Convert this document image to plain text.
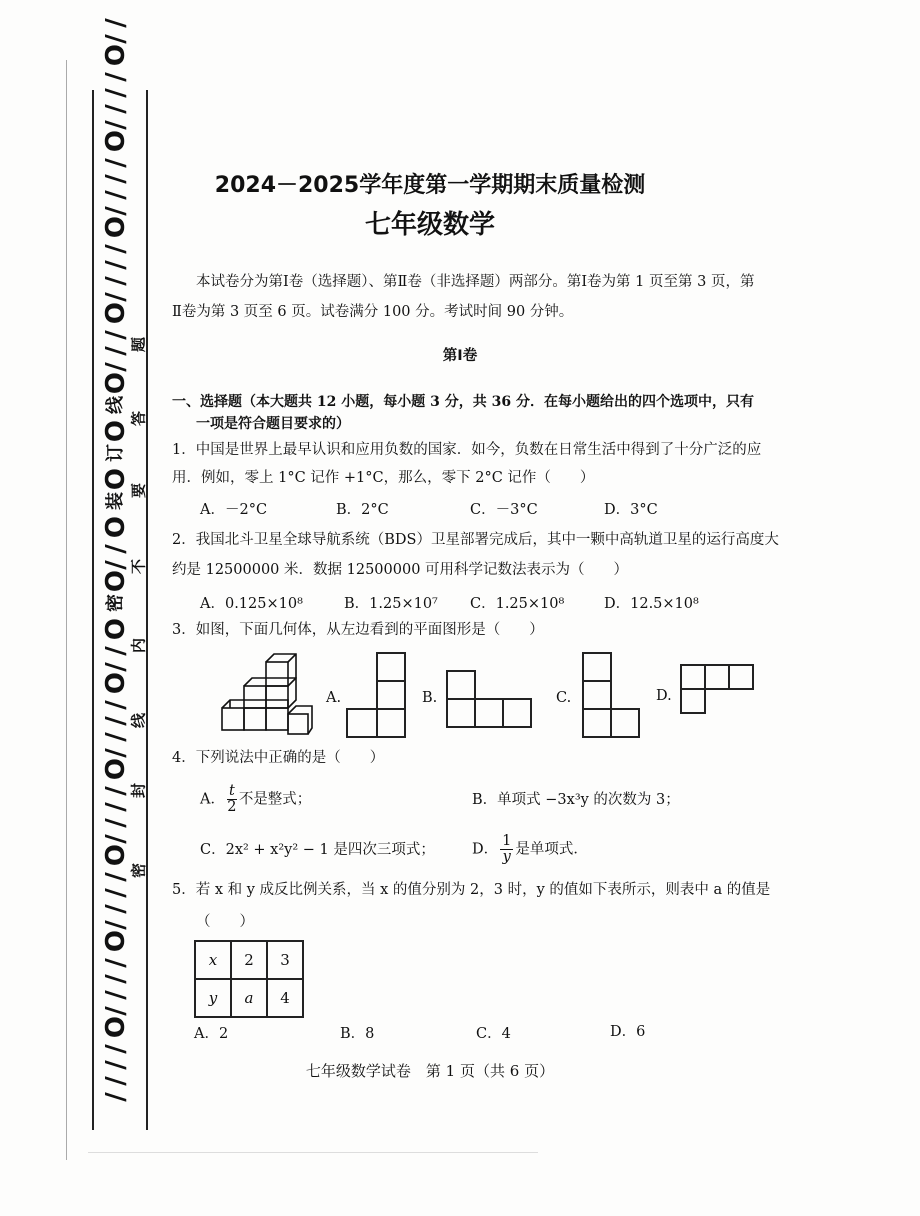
/
/
/
/
O
/
/
/
/
O
/
/
/
/
O
/
/
/
/
O
/
/
/
/
O
/
/
O
密
O
/
/
O
装
O
订
O
线
O
/
/
/
O
/
/
/
/
O
/
/
/
/
O
/
/
/
/
O
/
/
密
封
线
内
不
要
答
题
2024－2025学年度第一学期期末质量检测
七年级数学
本试卷分为第Ⅰ卷（选择题）、第Ⅱ卷（非选择题）两部分。第Ⅰ卷为第 1 页至第 3 页，第
Ⅱ卷为第 3 页至 6 页。试卷满分 100 分。考试时间 90 分钟。
第Ⅰ卷
一、选择题（本大题共 12 小题，每小题 3 分，共 36 分．在每小题给出的四个选项中，只有
一项是符合题目要求的）
1．中国是世界上最早认识和应用负数的国家．如今，负数在日常生活中得到了十分广泛的应
用．例如，零上 1°C 记作 +1°C，那么，零下 2°C 记作（　　）
A．－2°C	B．2°C	C．－3°C	D．3°C
2．我国北斗卫星全球导航系统（BDS）卫星部署完成后，其中一颗中高轨道卫星的运行高度大
约是 12500000 米．数据 12500000 可用科学记数法表示为（　　）
A．0.125×10⁸	B．1.25×10⁷ C．1.25×10⁸	D．12.5×10⁸
3．如图，下面几何体，从左边看到的平面图形是（　　）
A.	B.	C.	D.
4．下列说法中正确的是（　　）
A． $\frac{t}{2}$ 不是整式；	B．单项式 −3x³y 的次数为 3；
C．2x² + x²y² − 1 是四次三项式；	D． $\frac{1}{y}$ 是单项式．
5．若 x 和 y 成反比例关系，当 x 的值分别为 2，3 时，y 的值如下表所示，则表中 a 的值是
（　　）
x	2	3
y	a	4
A．2	B．8	C．4	D．6
七年级数学试卷　第 1 页（共 6 页）
